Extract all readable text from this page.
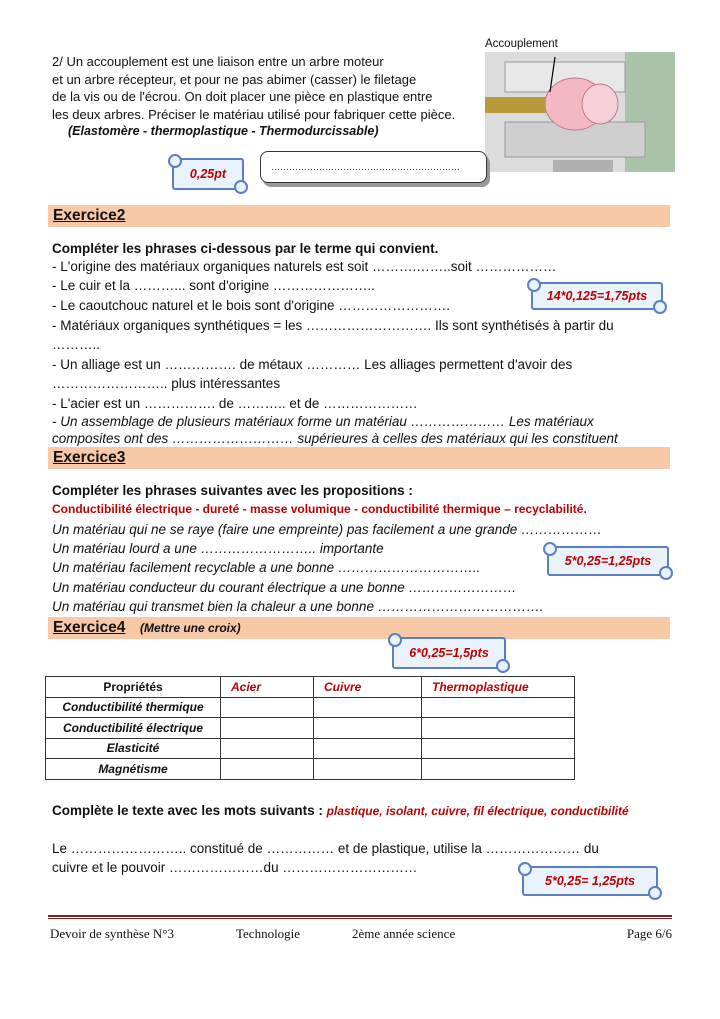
2/ Un accouplement est une liaison entre un arbre moteur

et un arbre récepteur, et pour ne pas abimer (casser) le filetage

de la vis ou de l'écrou. On doit placer une pièce en plastique entre

les deux arbres. Préciser le matériau utilisé pour fabriquer cette pièce.

(Elastomère - thermoplastique - Thermodurcissable)

Accouplement
0,25pt	………………………………………………………
Exercice2
Compléter les phrases ci-dessous par le terme qui convient.
- L'origine des matériaux organiques naturels est soit ……….……..soit ………………
- Le cuir et la ………... sont d'origine …………………..
- Le caoutchouc naturel et le bois sont d'origine …………………….
- Matériaux organiques synthétiques = les ………………………. Ils sont synthétisés à partir du
………..
- Un alliage est un ……………. de métaux ………… Les alliages permettent d'avoir des
…………………….. plus intéressantes
- L'acier est un ……………. de ……….. et de …………………
- Un assemblage de plusieurs matériaux forme un matériau ………………… Les matériaux
composites ont des ……………………… supérieures à celles des matériaux qui les constituent
14*0,125=1,75pts
Exercice3
Compléter les phrases suivantes avec les propositions :
Conductibilité électrique - dureté - masse volumique - conductibilité thermique – recyclabilité.
Un matériau qui ne se raye (faire une empreinte) pas facilement a une grande ………………
Un matériau lourd a une …………………….. importante
Un matériau facilement recyclable a une bonne …………………………..
Un matériau conducteur du courant électrique a une bonne ……………………
Un matériau qui transmet bien la chaleur a une bonne ……………………………….
5*0,25=1,25pts
Exercice4 (Mettre une croix)
6*0,25=1,5pts
Propriétés	Acier	Cuivre	Thermoplastique
Conductibilité thermique			
Conductibilité électrique			
Elasticité			
Magnétisme			
Complète le texte avec les mots suivants : plastique, isolant, cuivre, fil électrique, conductibilité
Le …………………….. constitué de …………… et de plastique, utilise la ………………… du
cuivre et le pouvoir …………………du …………………………
5*0,25= 1,25pts
Devoir de synthèse N°3	Technologie	2ème année science	Page 6/6
